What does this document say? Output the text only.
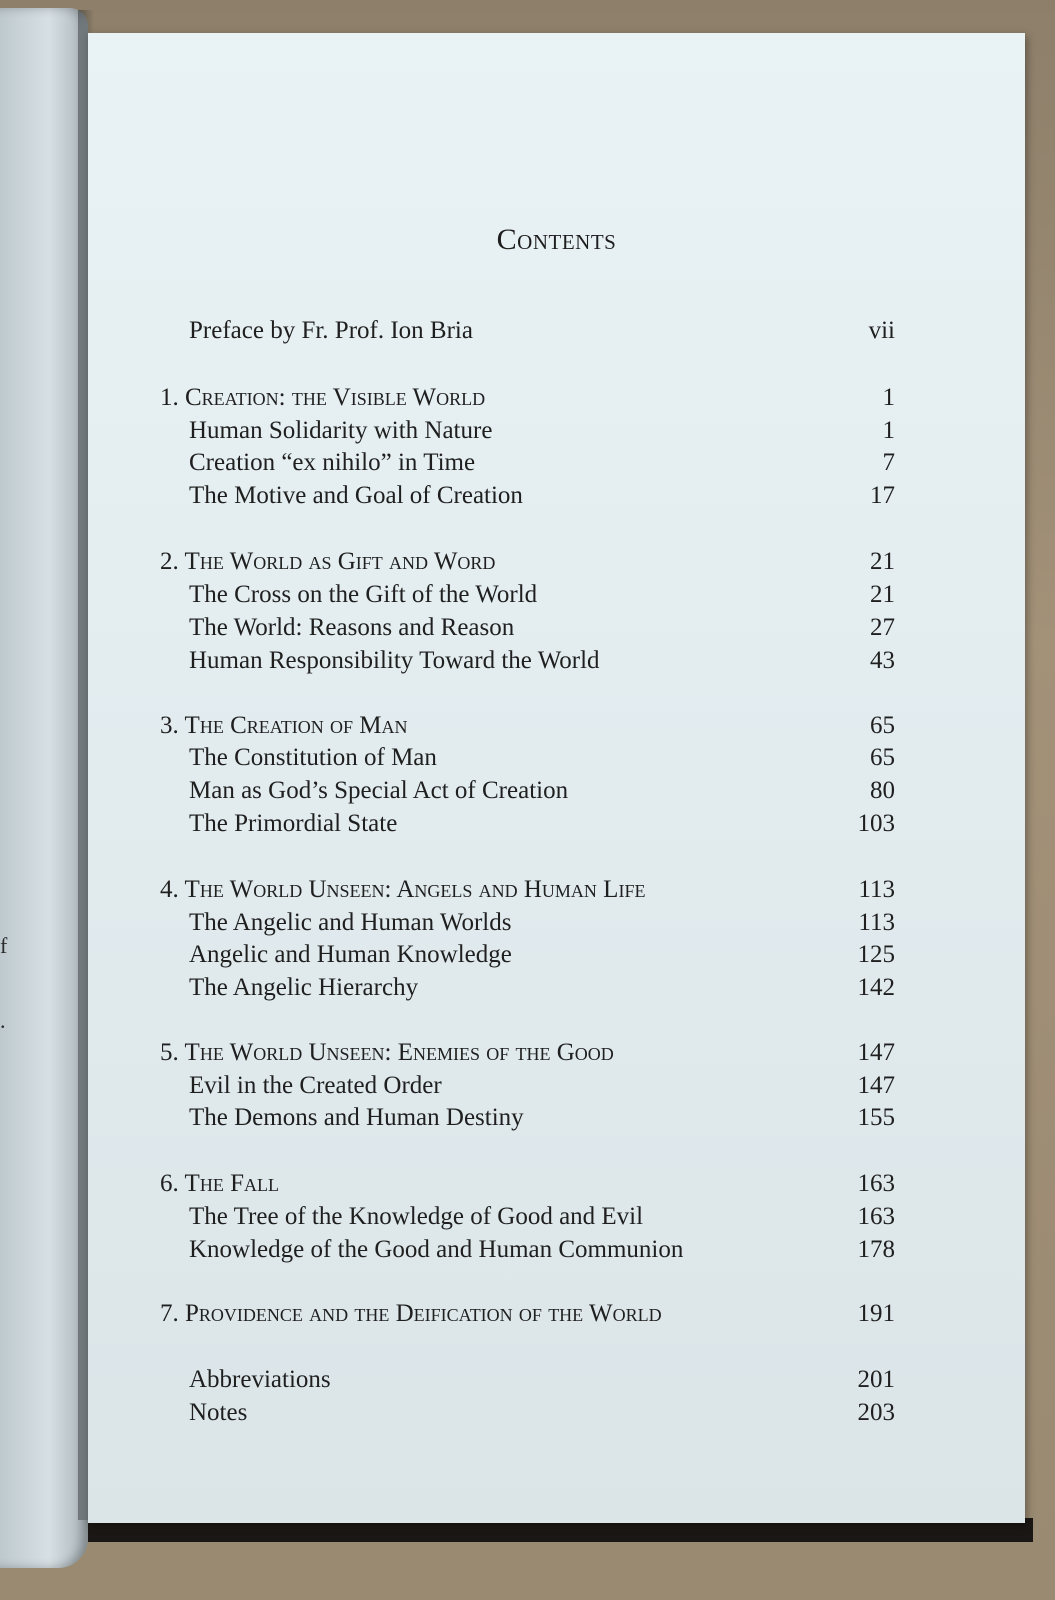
f
.
Contents
Preface by Fr. Prof. Ion Bria	vii
1. Creation: the Visible World	1
Human Solidarity with Nature	1
Creation “ex nihilo” in Time	7
The Motive and Goal of Creation	17
2. The World as Gift and Word	21
The Cross on the Gift of the World	21
The World: Reasons and Reason	27
Human Responsibility Toward the World	43
3. The Creation of Man	65
The Constitution of Man	65
Man as God’s Special Act of Creation	80
The Primordial State	103
4. The World Unseen: Angels and Human Life	113
The Angelic and Human Worlds	113
Angelic and Human Knowledge	125
The Angelic Hierarchy	142
5. The World Unseen: Enemies of the Good	147
Evil in the Created Order	147
The Demons and Human Destiny	155
6. The Fall	163
The Tree of the Knowledge of Good and Evil	163
Knowledge of the Good and Human Communion	178
7. Providence and the Deification of the World	191
Abbreviations	201
Notes	203
